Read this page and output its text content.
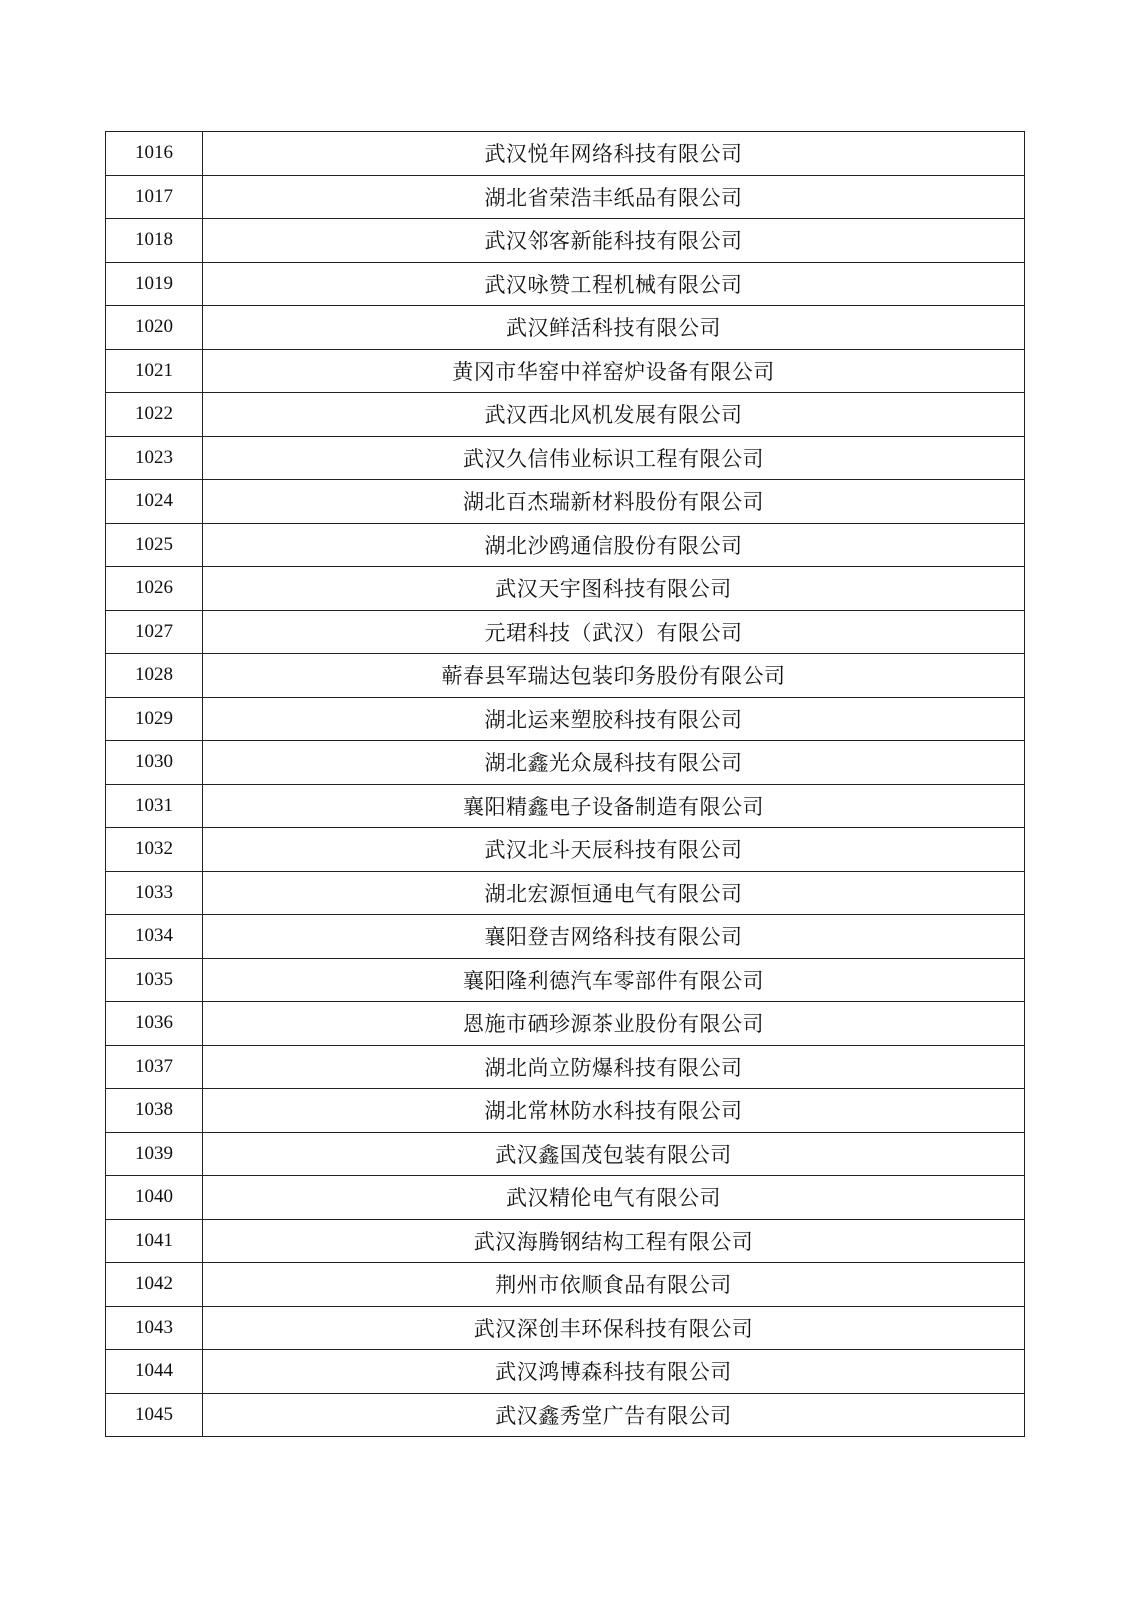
1016	武汉悦年网络科技有限公司
1017	湖北省荣浩丰纸品有限公司
1018	武汉邻客新能科技有限公司
1019	武汉咏赞工程机械有限公司
1020	武汉鲜活科技有限公司
1021	黄冈市华窑中祥窑炉设备有限公司
1022	武汉西北风机发展有限公司
1023	武汉久信伟业标识工程有限公司
1024	湖北百杰瑞新材料股份有限公司
1025	湖北沙鸥通信股份有限公司
1026	武汉天宇图科技有限公司
1027	元珺科技（武汉）有限公司
1028	蕲春县军瑞达包装印务股份有限公司
1029	湖北运来塑胶科技有限公司
1030	湖北鑫光众晟科技有限公司
1031	襄阳精鑫电子设备制造有限公司
1032	武汉北斗天辰科技有限公司
1033	湖北宏源恒通电气有限公司
1034	襄阳登吉网络科技有限公司
1035	襄阳隆利德汽车零部件有限公司
1036	恩施市硒珍源茶业股份有限公司
1037	湖北尚立防爆科技有限公司
1038	湖北常林防水科技有限公司
1039	武汉鑫国茂包装有限公司
1040	武汉精伦电气有限公司
1041	武汉海腾钢结构工程有限公司
1042	荆州市依顺食品有限公司
1043	武汉深创丰环保科技有限公司
1044	武汉鸿博森科技有限公司
1045	武汉鑫秀堂广告有限公司
